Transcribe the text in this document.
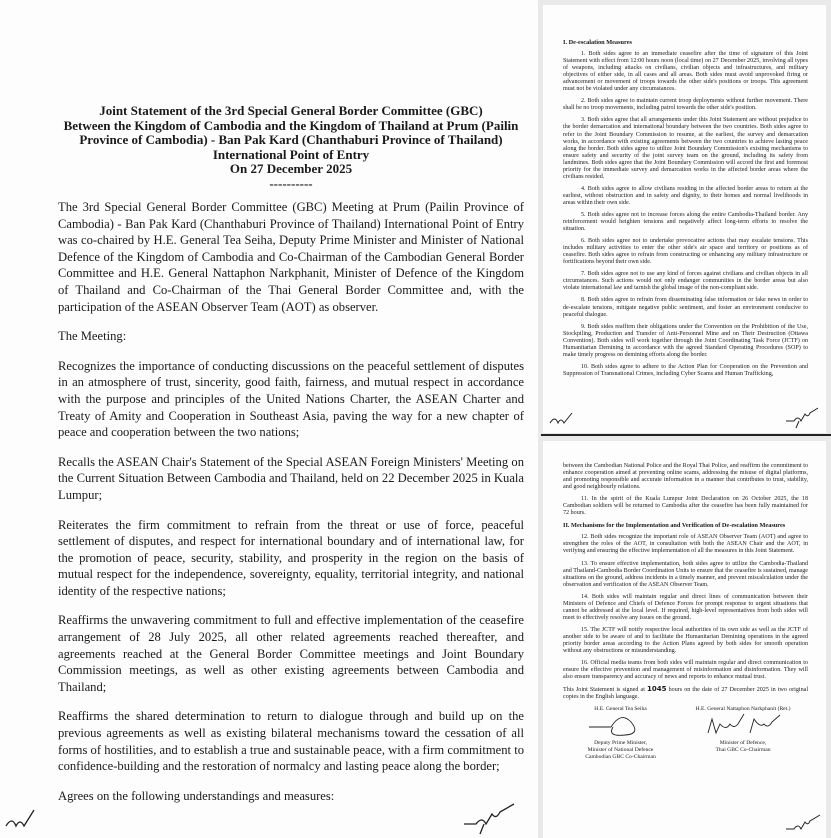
Joint Statement of the 3rd Special General Border Committee (GBC)
Between the Kingdom of Cambodia and the Kingdom of Thailand at Prum (Pailin
Province of Cambodia) - Ban Pak Kard (Chanthaburi Province of Thailand)
International Point of Entry
On 27 December 2025
----------

The 3rd Special General Border Committee (GBC) Meeting at Prum (Pailin Province of Cambodia) - Ban Pak Kard (Chanthaburi Province of Thailand) International Point of Entry was co-chaired by H.E. General Tea Seiha, Deputy Prime Minister and Minister of National Defence of the Kingdom of Cambodia and Co-Chairman of the Cambodian General Border Committee and H.E. General Nattaphon Narkphanit, Minister of Defence of the Kingdom of Thailand and Co-Chairman of the Thai General Border Committee and, with the participation of the ASEAN Observer Team (AOT) as observer.

The Meeting:

Recognizes the importance of conducting discussions on the peaceful settlement of disputes in an atmosphere of trust, sincerity, good faith, fairness, and mutual respect in accordance with the purpose and principles of the United Nations Charter, the ASEAN Charter and Treaty of Amity and Cooperation in Southeast Asia, paving the way for a new chapter of peace and cooperation between the two nations;

Recalls the ASEAN Chair's Statement of the Special ASEAN Foreign Ministers' Meeting on the Current Situation Between Cambodia and Thailand, held on 22 December 2025 in Kuala Lumpur;

Reiterates the firm commitment to refrain from the threat or use of force, peaceful settlement of disputes, and respect for international boundary and of international law, for the promotion of peace, security, stability, and prosperity in the region on the basis of mutual respect for the independence, sovereignty, equality, territorial integrity, and national identity of the respective nations;

Reaffirms the unwavering commitment to full and effective implementation of the ceasefire arrangement of 28 July 2025, all other related agreements reached thereafter, and agreements reached at the General Border Committee meetings and Joint Boundary Commission meetings, as well as other existing agreements between Cambodia and Thailand;

Reaffirms the shared determination to return to dialogue through and build up on the previous agreements as well as existing bilateral mechanisms toward the cessation of all forms of hostilities, and to establish a true and sustainable peace, with a firm commitment to confidence-building and the restoration of normalcy and lasting peace along the border;

Agrees on the following understandings and measures:

I. De-escalation Measures

1. Both sides agree to an immediate ceasefire after the time of signature of this Joint Statement with effect from 12:00 hours noon (local time) on 27 December 2025, involving all types of weapons, including attacks on civilians, civilian objects and infrastructures, and military objectives of either side, in all cases and all areas. Both sides must avoid unprovoked firing or advancement or movement of troops towards the other side's positions or troops. This agreement must not be violated under any circumstances.

2. Both sides agree to maintain current troop deployments without further movement. There shall be no troop movements, including patrol towards the other side's position.

3. Both sides agree that all arrangements under this Joint Statement are without prejudice to the border demarcation and international boundary between the two countries. Both sides agree to refer to the Joint Boundary Commission to resume, at the earliest, the survey and demarcation works, in accordance with existing agreements between the two countries to achieve lasting peace along the border. Both sides agree to utilize Joint Boundary Commission's existing mechanisms to ensure safety and security of the joint survey team on the ground, including its safety from landmines. Both sides agree that the Joint Boundary Commission will accord the first and foremost priority for the immediate survey and demarcation works in the affected border areas where the civilians resided.

4. Both sides agree to allow civilians residing in the affected border areas to return at the earliest, without obstruction and in safety and dignity, to their homes and normal livelihoods in areas within their own side.

5. Both sides agree not to increase forces along the entire Cambodia-Thailand border. Any reinforcement would heighten tensions and negatively affect long-term efforts to resolve the situation.

6. Both sides agree not to undertake provocative actions that may escalate tensions. This includes military activities to enter the other side's air space and territory or positions as of ceasefire. Both sides agree to refrain from constructing or enhancing any military infrastructure or fortifications beyond their own side.

7. Both sides agree not to use any kind of forces against civilians and civilian objects in all circumstances. Such actions would not only endanger communities in the border areas but also violate international law and tarnish the global image of the non-compliant side.

8. Both sides agree to refrain from disseminating false information or fake news in order to de-escalate tensions, mitigate negative public sentiment, and foster an environment conducive to peaceful dialogue.

9. Both sides reaffirm their obligations under the Convention on the Prohibition of the Use, Stockpiling, Production and Transfer of Anti-Personnel Mine and on Their Destruction (Ottawa Convention). Both sides will work together through the Joint Coordinating Task Force (JCTF) on Humanitarian Demining in accordance with the agreed Standard Operating Procedures (SOP) to make timely progress on demining efforts along the border.

10. Both sides agree to adhere to the Action Plan for Cooperation on the Prevention and Suppression of Transnational Crimes, including Cyber Scams and Human Trafficking,

between the Cambodian National Police and the Royal Thai Police, and reaffirm the commitment to enhance cooperation aimed at preventing online scams, addressing the misuse of digital platforms, and promoting responsible and accurate information in a manner that contributes to trust, stability, and good neighbourly relations.

11. In the spirit of the Kuala Lumpur Joint Declaration on 26 October 2025, the 18 Cambodian soldiers will be returned to Cambodia after the ceasefire has been fully maintained for 72 hours.

II. Mechanisms for the Implementation and Verification of De-escalation Measures

12. Both sides recognize the important role of ASEAN Observer Team (AOT) and agree to strengthen the roles of the AOT, in consultation with both the ASEAN Chair and the AOT, in verifying and ensuring the effective implementation of all the measures in this Joint Statement.

13. To ensure effective implementation, both sides agree to utilize the Cambodia-Thailand and Thailand-Cambodia Border Coordination Units to ensure that the ceasefire is sustained, manage situations on the ground, address incidents in a timely manner, and prevent miscalculation under the observation and verification of the ASEAN Observer Team.

14. Both sides will maintain regular and direct lines of communication between their Ministers of Defence and Chiefs of Defence Forces for prompt response to urgent situations that cannot be addressed at the local level. If required, high-level representatives from both sides will meet to effectively resolve any issues on the ground.

15. The JCTF will notify respective local authorities of its own side as well as the JCTF of another side to be aware of and to facilitate the Humanitarian Demining operations in the agreed priority border areas according to the Action Plans agreed by both sides for smooth operation without any obstructions or misunderstanding.

16. Official media teams from both sides will maintain regular and direct communication to ensure the effective prevention and management of misinformation and disinformation. They will also ensure transparency and accuracy of news and reports to enhance mutual trust.

This Joint Statement is signed at 1045 hours on the date of 27 December 2025 in two original copies in the English language.

H.E. General Tea Seiha
Deputy Prime Minister,
Minister of National Defence
Cambodian GBC Co-Chairman
H.E. General Nattaphon Narkphanit (Ret.)
Minister of Defence,
Thai GBC Co-Chairman
